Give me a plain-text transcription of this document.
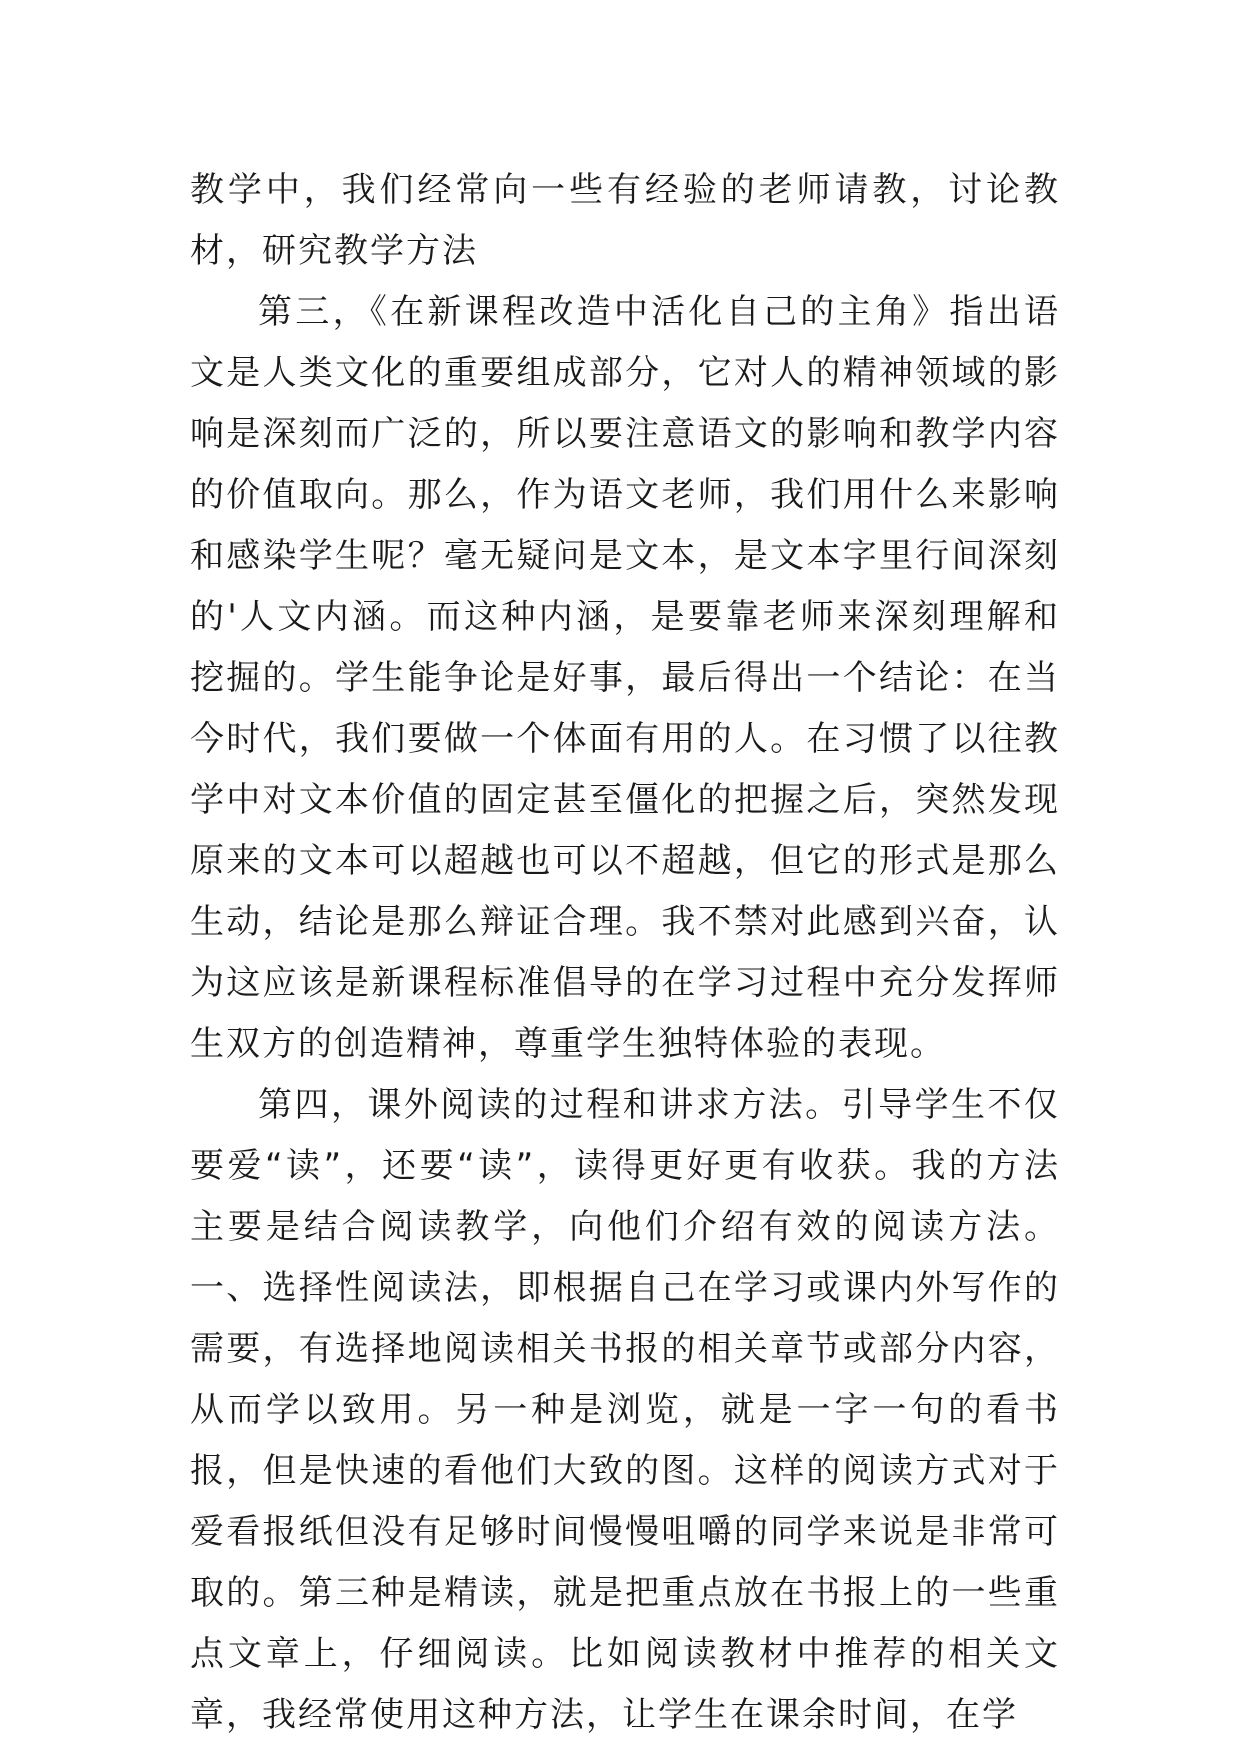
教学中，我们经常向一些有经验的老师请教，讨论教材，研究教学方法

第三，《在新课程改造中活化自己的主角》指出语文是人类文化的重要组成部分，它对人的精神领域的影响是深刻而广泛的，所以要注意语文的影响和教学内容的价值取向。那么，作为语文老师，我们用什么来影响和感染学生呢？毫无疑问是文本，是文本字里行间深刻的'人文内涵。而这种内涵，是要靠老师来深刻理解和挖掘的。学生能争论是好事，最后得出一个结论：在当今时代，我们要做一个体面有用的人。在习惯了以往教学中对文本价值的固定甚至僵化的把握之后，突然发现原来的文本可以超越也可以不超越，但它的形式是那么生动，结论是那么辩证合理。我不禁对此感到兴奋，认为这应该是新课程标准倡导的在学习过程中充分发挥师生双方的创造精神，尊重学生独特体验的表现。

第四，课外阅读的过程和讲求方法。引导学生不仅要爱“读”，还要“读”，读得更好更有收获。我的方法主要是结合阅读教学，向他们介绍有效的阅读方法。一、选择性阅读法，即根据自己在学习或课内外写作的需要，有选择地阅读相关书报的相关章节或部分内容，从而学以致用。另一种是浏览，就是一字一句的看书报，但是快速的看他们大致的图。这样的阅读方式对于爱看报纸但没有足够时间慢慢咀嚼的同学来说是非常可取的。第三种是精读，就是把重点放在书报上的一些重点文章上，仔细阅读。比如阅读教材中推荐的相关文章，我经常使用这种方法，让学生在课余时间，在学
